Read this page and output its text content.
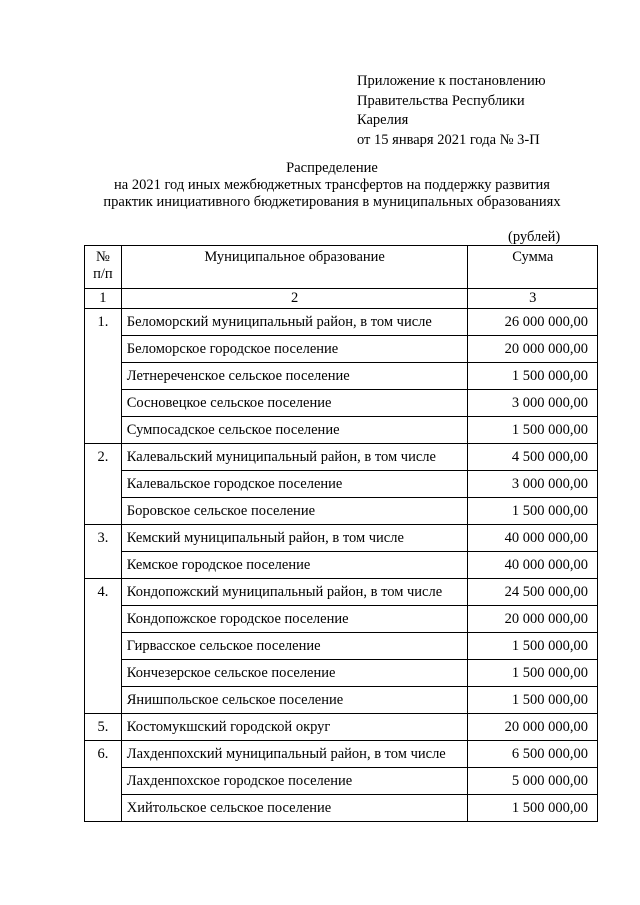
Приложение к постановлению
Правительства Республики
Карелия
от 15 января 2021 года № 3-П
Распределение
на 2021 год иных межбюджетных трансфертов на поддержку развития
практик инициативного бюджетирования в муниципальных образованиях
(рублей)
№
п/п	Муниципальное образование	Сумма
1	2	3
1.	Беломорский муниципальный район, в том числе	26 000 000,00
	Беломорское городское поселение	20 000 000,00
	Летнереченское сельское поселение	1 500 000,00
	Сосновецкое сельское поселение	3 000 000,00
	Сумпосадское сельское поселение	1 500 000,00
2.	Калевальский муниципальный район, в том числе	4 500 000,00
	Калевальское городское поселение	3 000 000,00
	Боровское сельское поселение	1 500 000,00
3.	Кемский муниципальный район, в том числе	40 000 000,00
	Кемское городское поселение	40 000 000,00
4.	Кондопожский муниципальный район, в том числе	24 500 000,00
	Кондопожское городское поселение	20 000 000,00
	Гирвасское сельское поселение	1 500 000,00
	Кончезерское сельское поселение	1 500 000,00
	Янишпольское сельское поселение	1 500 000,00
5.	Костомукшский городской округ	20 000 000,00
6.	Лахденпохский муниципальный район, в том числе	6 500 000,00
	Лахденпохское городское поселение	5 000 000,00
	Хийтольское сельское поселение	1 500 000,00
